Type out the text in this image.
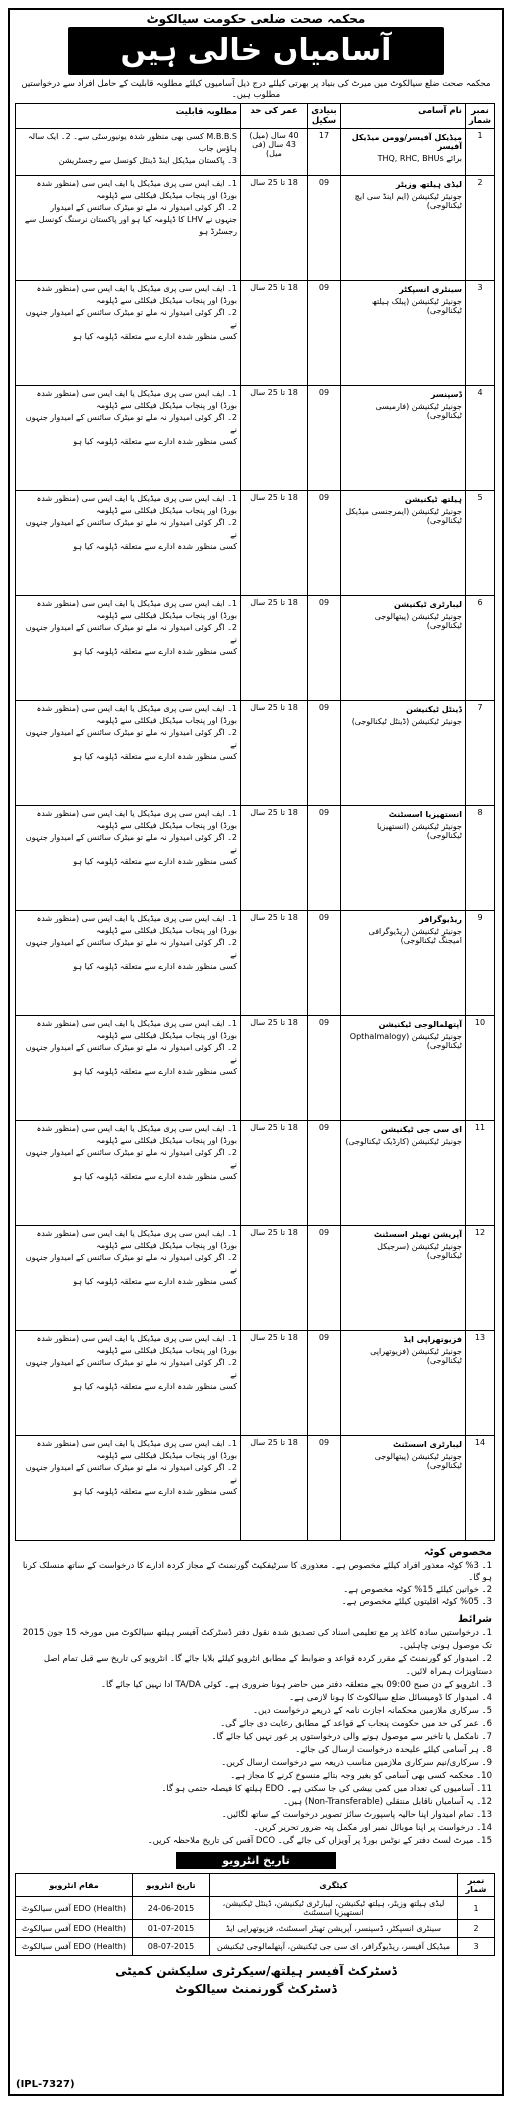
محکمہ صحت ضلعی حکومت سیالکوٹ
آسامیاں خالی ہیں
محکمہ صحت ضلع سیالکوٹ میں میرٹ کی بنیاد پر بھرتی کیلئے درج ذیل آسامیوں کیلئے مطلوبہ قابلیت کے حامل افراد سے درخواستیں مطلوب ہیں۔
نمبر شمار	نام آسامی	بنیادی سکیل	عمر کی حد	مطلوبہ قابلیت
1	میڈیکل آفیسر/وومن میڈیکل آفیسر
برائے THQ, RHC, BHUs	17	40 سال (میل) 43 سال (فی میل)	M.B.B.S کسی بھی منظور شدہ یونیورسٹی سے۔ 2۔ ایک سالہ ہاؤس جاب
3۔ پاکستان میڈیکل اینڈ ڈینٹل کونسل سے رجسٹریشن

2	لیڈی ہیلتھ وزیٹر
جونیئر ٹیکنیشن (ایم اینڈ سی ایچ ٹیکنالوجی)	09	18 تا 25 سال	1۔ ایف ایس سی پری میڈیکل یا ایف ایس سی (منظور شدہ بورڈ) اور پنجاب میڈیکل فیکلٹی سے ڈپلومہ
2۔ اگر کوئی امیدوار نہ ملے تو میٹرک سائنس کے امیدوار
جنہوں نے LHV کا ڈپلومہ کیا ہو اور پاکستان نرسنگ کونسل سے رجسٹرڈ ہو

3	سینٹری انسپکٹر
جونیئر ٹیکنیشن (پبلک ہیلتھ ٹیکنالوجی)	09	18 تا 25 سال	1۔ ایف ایس سی پری میڈیکل یا ایف ایس سی (منظور شدہ بورڈ) اور پنجاب میڈیکل فیکلٹی سے ڈپلومہ
2۔ اگر کوئی امیدوار نہ ملے تو میٹرک سائنس کے امیدوار جنہوں نے
کسی منظور شدہ ادارے سے متعلقہ ڈپلومہ کیا ہو

4	ڈسپنسر
جونیئر ٹیکنیشن (فارمیسی ٹیکنالوجی)	09	18 تا 25 سال	1۔ ایف ایس سی پری میڈیکل یا ایف ایس سی (منظور شدہ بورڈ) اور پنجاب میڈیکل فیکلٹی سے ڈپلومہ
2۔ اگر کوئی امیدوار نہ ملے تو میٹرک سائنس کے امیدوار جنہوں نے
کسی منظور شدہ ادارے سے متعلقہ ڈپلومہ کیا ہو

5	ہیلتھ ٹیکنیشن
جونیئر ٹیکنیشن (ایمرجنسی میڈیکل ٹیکنالوجی)	09	18 تا 25 سال	1۔ ایف ایس سی پری میڈیکل یا ایف ایس سی (منظور شدہ بورڈ) اور پنجاب میڈیکل فیکلٹی سے ڈپلومہ
2۔ اگر کوئی امیدوار نہ ملے تو میٹرک سائنس کے امیدوار جنہوں نے
کسی منظور شدہ ادارے سے متعلقہ ڈپلومہ کیا ہو

6	لیبارٹری ٹیکنیشن
جونیئر ٹیکنیشن (پیتھالوجی ٹیکنالوجی)	09	18 تا 25 سال	1۔ ایف ایس سی پری میڈیکل یا ایف ایس سی (منظور شدہ بورڈ) اور پنجاب میڈیکل فیکلٹی سے ڈپلومہ
2۔ اگر کوئی امیدوار نہ ملے تو میٹرک سائنس کے امیدوار جنہوں نے
کسی منظور شدہ ادارے سے متعلقہ ڈپلومہ کیا ہو

7	ڈینٹل ٹیکنیشن
جونیئر ٹیکنیشن (ڈینٹل ٹیکنالوجی)	09	18 تا 25 سال	1۔ ایف ایس سی پری میڈیکل یا ایف ایس سی (منظور شدہ بورڈ) اور پنجاب میڈیکل فیکلٹی سے ڈپلومہ
2۔ اگر کوئی امیدوار نہ ملے تو میٹرک سائنس کے امیدوار جنہوں نے
کسی منظور شدہ ادارے سے متعلقہ ڈپلومہ کیا ہو

8	انستھیزیا اسسٹنٹ
جونیئر ٹیکنیشن (انستھیزیا ٹیکنالوجی)	09	18 تا 25 سال	1۔ ایف ایس سی پری میڈیکل یا ایف ایس سی (منظور شدہ بورڈ) اور پنجاب میڈیکل فیکلٹی سے ڈپلومہ
2۔ اگر کوئی امیدوار نہ ملے تو میٹرک سائنس کے امیدوار جنہوں نے
کسی منظور شدہ ادارے سے متعلقہ ڈپلومہ کیا ہو

9	ریڈیوگرافر
جونیئر ٹیکنیشن (ریڈیوگرافی امیجنگ ٹیکنالوجی)	09	18 تا 25 سال	1۔ ایف ایس سی پری میڈیکل یا ایف ایس سی (منظور شدہ بورڈ) اور پنجاب میڈیکل فیکلٹی سے ڈپلومہ
2۔ اگر کوئی امیدوار نہ ملے تو میٹرک سائنس کے امیدوار جنہوں نے
کسی منظور شدہ ادارے سے متعلقہ ڈپلومہ کیا ہو

10	آپتھلمالوجی ٹیکنیشن
جونیئر ٹیکنیشن (Opthalmalogy ٹیکنالوجی)	09	18 تا 25 سال	1۔ ایف ایس سی پری میڈیکل یا ایف ایس سی (منظور شدہ بورڈ) اور پنجاب میڈیکل فیکلٹی سے ڈپلومہ
2۔ اگر کوئی امیدوار نہ ملے تو میٹرک سائنس کے امیدوار جنہوں نے
کسی منظور شدہ ادارے سے متعلقہ ڈپلومہ کیا ہو

11	ای سی جی ٹیکنیشن
جونیئر ٹیکنیشن (کارڈیک ٹیکنالوجی)	09	18 تا 25 سال	1۔ ایف ایس سی پری میڈیکل یا ایف ایس سی (منظور شدہ بورڈ) اور پنجاب میڈیکل فیکلٹی سے ڈپلومہ
2۔ اگر کوئی امیدوار نہ ملے تو میٹرک سائنس کے امیدوار جنہوں نے
کسی منظور شدہ ادارے سے متعلقہ ڈپلومہ کیا ہو

12	آپریشن تھیٹر اسسٹنٹ
جونیئر ٹیکنیشن (سرجیکل ٹیکنالوجی)	09	18 تا 25 سال	1۔ ایف ایس سی پری میڈیکل یا ایف ایس سی (منظور شدہ بورڈ) اور پنجاب میڈیکل فیکلٹی سے ڈپلومہ
2۔ اگر کوئی امیدوار نہ ملے تو میٹرک سائنس کے امیدوار جنہوں نے
کسی منظور شدہ ادارے سے متعلقہ ڈپلومہ کیا ہو

13	فزیوتھراپی ایڈ
جونیئر ٹیکنیشن (فزیوتھراپی ٹیکنالوجی)	09	18 تا 25 سال	1۔ ایف ایس سی پری میڈیکل یا ایف ایس سی (منظور شدہ بورڈ) اور پنجاب میڈیکل فیکلٹی سے ڈپلومہ
2۔ اگر کوئی امیدوار نہ ملے تو میٹرک سائنس کے امیدوار جنہوں نے
کسی منظور شدہ ادارے سے متعلقہ ڈپلومہ کیا ہو

14	لیبارٹری اسسٹنٹ
جونیئر ٹیکنیشن (پیتھالوجی ٹیکنالوجی)	09	18 تا 25 سال	1۔ ایف ایس سی پری میڈیکل یا ایف ایس سی (منظور شدہ بورڈ) اور پنجاب میڈیکل فیکلٹی سے ڈپلومہ
2۔ اگر کوئی امیدوار نہ ملے تو میٹرک سائنس کے امیدوار جنہوں نے
کسی منظور شدہ ادارے سے متعلقہ ڈپلومہ کیا ہو
مخصوص کوٹہ
1۔ 3% کوٹہ معذور افراد کیلئے مخصوص ہے۔ معذوری کا سرٹیفکیٹ گورنمنٹ کے مجاز کردہ ادارے کا درخواست کے ساتھ منسلک کرنا ہو گا۔
2۔ خواتین کیلئے 15% کوٹہ مخصوص ہے۔
3۔ 05% کوٹہ اقلیتوں کیلئے مخصوص ہے۔
شرائط
1۔ درخواستیں سادہ کاغذ پر مع تعلیمی اسناد کی تصدیق شدہ نقول دفتر ڈسٹرکٹ آفیسر ہیلتھ سیالکوٹ میں مورخہ 15 جون 2015 تک موصول ہونی چاہئیں۔
2۔ امیدوار کو گورنمنٹ کے مقرر کردہ قواعد و ضوابط کے مطابق انٹرویو کیلئے بلایا جائے گا۔ انٹرویو کی تاریخ سے قبل تمام اصل دستاویزات ہمراہ لائیں۔
3۔ انٹرویو کے دن صبح 09:00 بجے متعلقہ دفتر میں حاضر ہونا ضروری ہے۔ کوئی TA/DA ادا نہیں کیا جائے گا۔
4۔ امیدوار کا ڈومیسائل ضلع سیالکوٹ کا ہونا لازمی ہے۔
5۔ سرکاری ملازمین محکمانہ اجازت نامہ کے ذریعے درخواست دیں۔
6۔ عمر کی حد میں حکومت پنجاب کے قواعد کے مطابق رعایت دی جائے گی۔
7۔ نامکمل یا تاخیر سے موصول ہونے والی درخواستوں پر غور نہیں کیا جائے گا۔
8۔ ہر آسامی کیلئے علیحدہ درخواست ارسال کی جائے۔
9۔ سرکاری/نیم سرکاری ملازمین مناسب ذریعہ سے درخواست ارسال کریں۔
10۔ محکمہ کسی بھی آسامی کو بغیر وجہ بتائے منسوخ کرنے کا مجاز ہے۔
11۔ آسامیوں کی تعداد میں کمی بیشی کی جا سکتی ہے۔ EDO ہیلتھ کا فیصلہ حتمی ہو گا۔
12۔ یہ آسامیاں ناقابل منتقلی (Non-Transferable) ہیں۔
13۔ تمام امیدوار اپنا حالیہ پاسپورٹ سائز تصویر درخواست کے ساتھ لگائیں۔
14۔ درخواست پر اپنا موبائل نمبر اور مکمل پتہ ضرور تحریر کریں۔
15۔ میرٹ لسٹ دفتر کے نوٹس بورڈ پر آویزاں کی جائے گی۔ DCO آفس کی تاریخ ملاحظہ کریں۔
تاریخ انٹرویو
نمبر شمار	کیٹگری	تاریخ انٹرویو	مقام انٹرویو
1	لیڈی ہیلتھ وزیٹر، ہیلتھ ٹیکنیشن، لیبارٹری ٹیکنیشن، ڈینٹل ٹیکنیشن، انستھیزیا اسسٹنٹ	24-06-2015	EDO (Health) آفس سیالکوٹ
2	سینٹری انسپکٹر، ڈسپنسر، آپریشن تھیٹر اسسٹنٹ، فزیوتھراپی ایڈ	01-07-2015	EDO (Health) آفس سیالکوٹ
3	میڈیکل آفیسر، ریڈیوگرافر، ای سی جی ٹیکنیشن، آپتھلمالوجی ٹیکنیشن	08-07-2015	EDO (Health) آفس سیالکوٹ
ڈسٹرکٹ آفیسر ہیلتھ/سیکرٹری سلیکشن کمیٹی
ڈسٹرکٹ گورنمنٹ سیالکوٹ
(IPL-7327)
